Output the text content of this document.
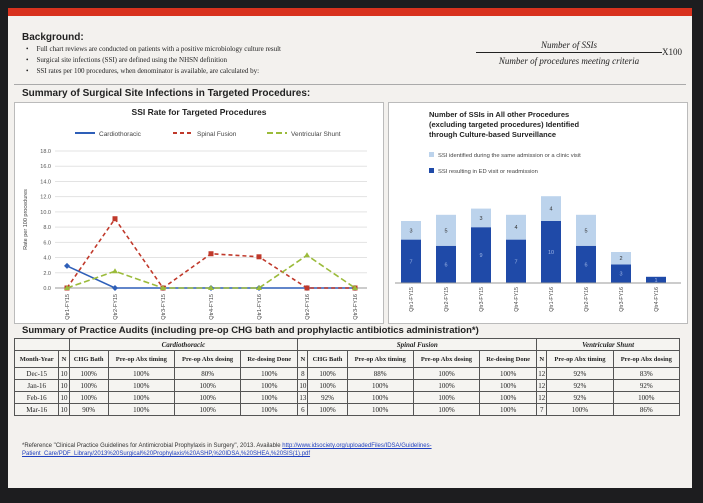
Background:
• Full chart reviews are conducted on patients with a positive microbiology culture result
• Surgical site infections (SSI) are defined using the NHSN definition
• SSI rates per 100 procedures, when denominator is available, are calculated by:
Number of SSIs
Number of procedures meeting criteria
X100
Summary of Surgical Site Infections in Targeted Procedures:
SSI Rate for Targeted Procedures
Cardiothoracic	Spinal Fusion	Ventricular Shunt
0.0
2.0
4.0
6.0
8.0
10.0
12.0
14.0
16.0
18.0
Rate per 100 procedures
Qtr1-FY15	Qtr2-FY15	Qtr3-FY15	Qtr4-FY15	Qtr1-FY16	Qtr2-FY16	Qtr3-FY16
Number of SSIs in All other Procedures (excluding targeted procedures) Identified through Culture-based Surveillance
SSI identified during the same admission or a clinic visit
SSI resulting in ED visit or readmission
7
3
Qtr1-FY15
6
5
Qtr2-FY15
9
3
Qtr3-FY15
7
4
Qtr4-FY15
10
4
Qtr1-FY16
6
5
Qtr2-FY16
3
2
Qtr3-FY16
1
Qtr4-FY16
Summary of Practice Audits (including pre-op CHG bath and prophylactic antibiotics administration*)
		Cardiothoracic				Spinal Fusion					Ventricular Shunt		
Month-Year	N	CHG Bath	Pre-op Abx timing	Pre-op Abx dosing	Re-dosing Done	N	CHG Bath	Pre-op Abx timing	Pre-op Abx dosing	Re-dosing Done	N	Pre-op Abx timing	Pre-op Abx dosing
Dec-15	10	100%	100%	80%	100%	8	100%	88%	100%	100%	12	92%	83%
Jan-16	10	100%	100%	100%	100%	10	100%	100%	100%	100%	12	92%	92%
Feb-16	10	100%	100%	100%	100%	13	92%	100%	100%	100%	12	92%	100%
Mar-16	10	90%	100%	100%	100%	6	100%	100%	100%	100%	7	100%	86%
*Reference "Clinical Practice Guidelines for Antimicrobial Prophylaxis in Surgery", 2013. Available http://www.idsociety.org/uploadedFiles/IDSA/Guidelines-Patient_Care/PDF_Library/2013%20Surgical%20Prophylaxis%20ASHP,%20IDSA,%20SHEA,%20SIS(1).pdf
